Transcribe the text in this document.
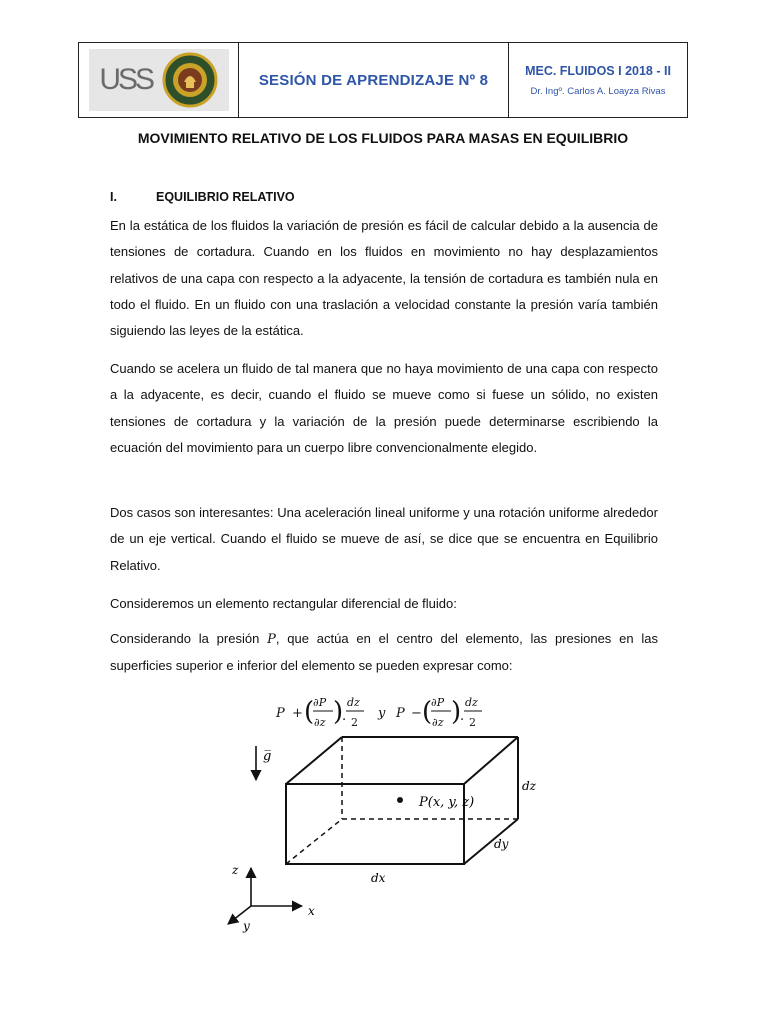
USS	SESIÓN DE APRENDIZAJE Nº 8
MEC. FLUIDOS I 2018 - II
Dr. Ingº. Carlos A. Loayza Rivas
MOVIMIENTO RELATIVO DE LOS FLUIDOS PARA MASAS EN EQUILIBRIO
I.	EQUILIBRIO RELATIVO

En la estática de los fluidos la variación de presión es fácil de calcular debido a la ausencia de tensiones de cortadura. Cuando en los fluidos en movimiento no hay desplazamientos relativos de una capa con respecto a la adyacente, la tensión de cortadura es también nula en todo el fluido. En un fluido con una traslación a velocidad constante la presión varía también siguiendo las leyes de la estática.

Cuando se acelera un fluido de tal manera que no haya movimiento de una capa con respecto a la adyacente, es decir, cuando el fluido se mueve como si fuese un sólido, no existen tensiones de cortadura y la variación de la presión puede determinarse escribiendo la ecuación del movimiento para un cuerpo libre convencionalmente elegido.

Dos casos son interesantes: Una aceleración lineal uniforme y una rotación uniforme alrededor de un eje vertical. Cuando el fluido se mueve de así, se dice que se encuentra en Equilibrio Relativo.

Consideremos un elemento rectangular diferencial de fluido:

Considerando la presión P, que actúa en el centro del elemento, las presiones en las superficies superior e inferior del elemento se pueden expresar como:

P + (
∂P
∂z )
.
dz
2
y P − (
∂P
∂z )
.
dz
2
g̅
P(x, y, z)
dz
dy
dx
z
x
y
